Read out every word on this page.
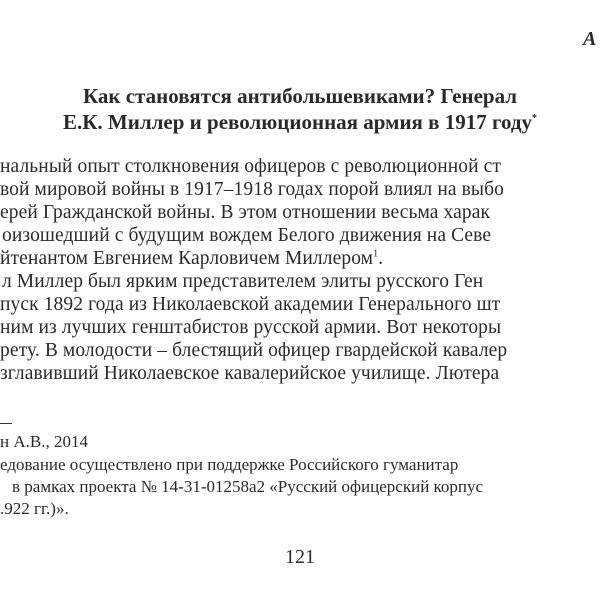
А
Как становятся антибольшевиками? Генерал
Е.К. Миллер и революционная армия в 1917 году*
нальный опыт столкновения офицеров с революционной ст
вой мировой войны в 1917–1918 годах порой влиял на выбо
ерей Гражданской войны. В этом отношении весьма харак
оизошедший с будущим вождем Белого движения на Севе
йтенантом Евгением Карловичем Миллером$^1$.
л Миллер был ярким представителем элиты русского Ген
пуск 1892 года из Николаевской академии Генерального шт
ним из лучших генштабистов русской армии. Вот некоторы
рету. В молодости – блестящий офицер гвардейской кавалер
зглавивший Николаевское кавалерийское училище. Лютера
н А.В., 2014
едование осуществлено при поддержке Российского гуманитар
в рамках проекта № 14-31-01258а2 «Русский офицерский корпус
.922 гг.)».
121
